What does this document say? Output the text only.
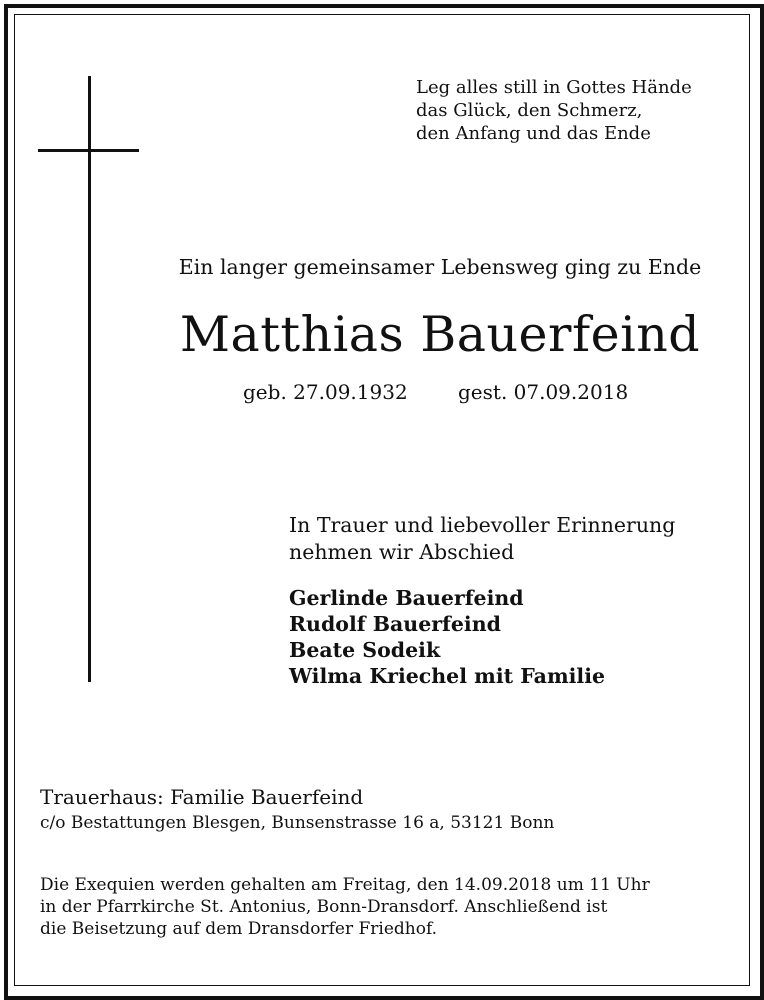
Leg alles still in Gottes Hände
das Glück, den Schmerz,
den Anfang und das Ende
Ein langer gemeinsamer Lebensweg ging zu Ende
Matthias Bauerfeind
geb. 27.09.1932	gest. 07.09.2018
In Trauer und liebevoller Erinnerung
nehmen wir Abschied
Gerlinde Bauerfeind
Rudolf Bauerfeind
Beate Sodeik
Wilma Kriechel mit Familie
Trauerhaus: Familie Bauerfeind
c/o Bestattungen Blesgen, Bunsenstrasse 16 a, 53121 Bonn
Die Exequien werden gehalten am Freitag, den 14.09.2018 um 11 Uhr
in der Pfarrkirche St. Antonius, Bonn-Dransdorf. Anschließend ist
die Beisetzung auf dem Dransdorfer Friedhof.
